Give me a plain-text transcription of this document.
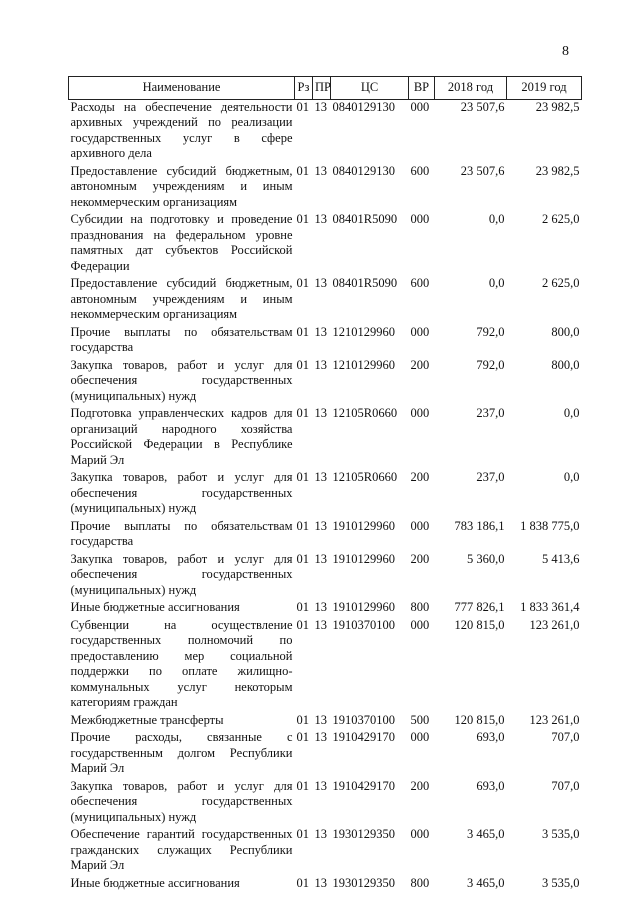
8
Наименование	Рз	ПР	ЦС	ВР	2018 год	2019 год
Расходы на обеспечение деятельности архивных учреждений по реализации государственных услуг в сфере архивного дела	01	13	0840129130	000	23 507,6	23 982,5
Предоставление субсидий бюджетным, автономным учреждениям и иным некоммерческим организациям	01	13	0840129130	600	23 507,6	23 982,5
Субсидии на подготовку и проведение празднования на федеральном уровне памятных дат субъектов Российской Федерации	01	13	08401R5090	000	0,0	2 625,0
Предоставление субсидий бюджетным, автономным учреждениям и иным некоммерческим организациям	01	13	08401R5090	600	0,0	2 625,0
Прочие выплаты по обязательствам государства	01	13	1210129960	000	792,0	800,0
Закупка товаров, работ и услуг для обеспечения государственных (муниципальных) нужд	01	13	1210129960	200	792,0	800,0
Подготовка управленческих кадров для организаций народного хозяйства Российской Федерации в Республике Марий Эл	01	13	12105R0660	000	237,0	0,0
Закупка товаров, работ и услуг для обеспечения государственных (муниципальных) нужд	01	13	12105R0660	200	237,0	0,0
Прочие выплаты по обязательствам государства	01	13	1910129960	000	783 186,1	1 838 775,0
Закупка товаров, работ и услуг для обеспечения государственных (муниципальных) нужд	01	13	1910129960	200	5 360,0	5 413,6
Иные бюджетные ассигнования	01	13	1910129960	800	777 826,1	1 833 361,4
Субвенции на осуществление государственных полномочий по предоставлению мер социальной поддержки по оплате жилищно-коммунальных услуг некоторым категориям граждан	01	13	1910370100	000	120 815,0	123 261,0
Межбюджетные трансферты	01	13	1910370100	500	120 815,0	123 261,0
Прочие расходы, связанные с государственным долгом Республики Марий Эл	01	13	1910429170	000	693,0	707,0
Закупка товаров, работ и услуг для обеспечения государственных (муниципальных) нужд	01	13	1910429170	200	693,0	707,0
Обеспечение гарантий государственных гражданских служащих Республики Марий Эл	01	13	1930129350	000	3 465,0	3 535,0
Иные бюджетные ассигнования	01	13	1930129350	800	3 465,0	3 535,0
